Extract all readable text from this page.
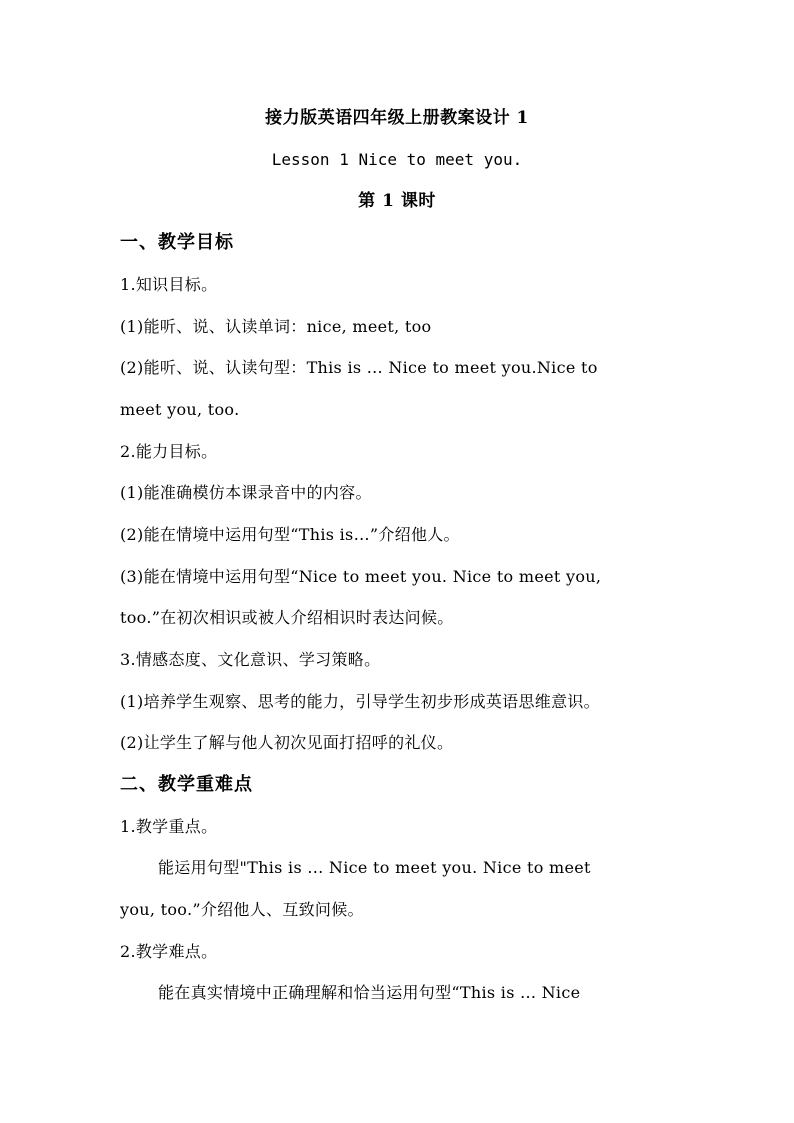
接力版英语四年级上册教案设计 1
Lesson 1 Nice to meet you.
第 1 课时
一、教学目标
1.知识目标。
(1)能听、说、认读单词：nice, meet, too
(2)能听、说、认读句型：This is ... Nice to meet you.Nice to
meet you, too.
2.能力目标。
(1)能准确模仿本课录音中的内容。
(2)能在情境中运用句型“This is…”介绍他人。
(3)能在情境中运用句型“Nice to meet you. Nice to meet you,
too.”在初次相识或被人介绍相识时表达问候。
3.情感态度、文化意识、学习策略。
(1)培养学生观察、思考的能力，引导学生初步形成英语思维意识。
(2)让学生了解与他人初次见面打招呼的礼仪。
二、教学重难点
1.教学重点。
能运用句型"This is ... Nice to meet you. Nice to meet
you, too.”介绍他人、互致问候。
2.教学难点。
能在真实情境中正确理解和恰当运用句型“This is ... Nice
